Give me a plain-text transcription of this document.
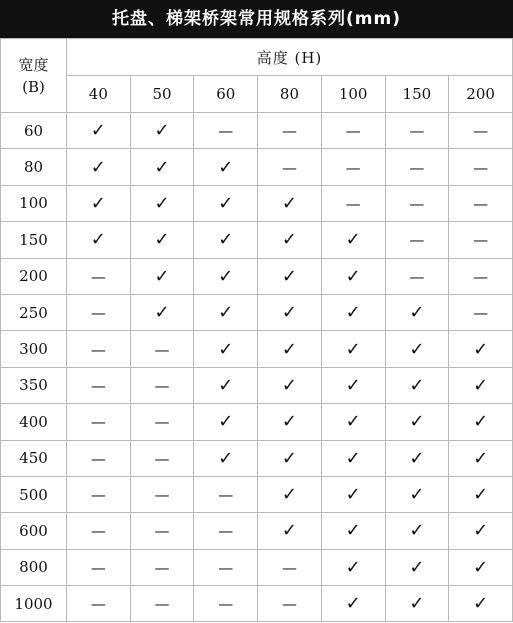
托盘、梯架桥架常用规格系列(mm)
宽度
(B)	高度 (H)						
	40	50	60	80	100	150	200
60	✓	✓	—	—	—	—	—
80	✓	✓	✓	—	—	—	—
100	✓	✓	✓	✓	—	—	—
150	✓	✓	✓	✓	✓	—	—
200	—	✓	✓	✓	✓	—	—
250	—	✓	✓	✓	✓	✓	—
300	—	—	✓	✓	✓	✓	✓
350	—	—	✓	✓	✓	✓	✓
400	—	—	✓	✓	✓	✓	✓
450	—	—	✓	✓	✓	✓	✓
500	—	—	—	✓	✓	✓	✓
600	—	—	—	✓	✓	✓	✓
800	—	—	—	—	✓	✓	✓
1000	—	—	—	—	✓	✓	✓
